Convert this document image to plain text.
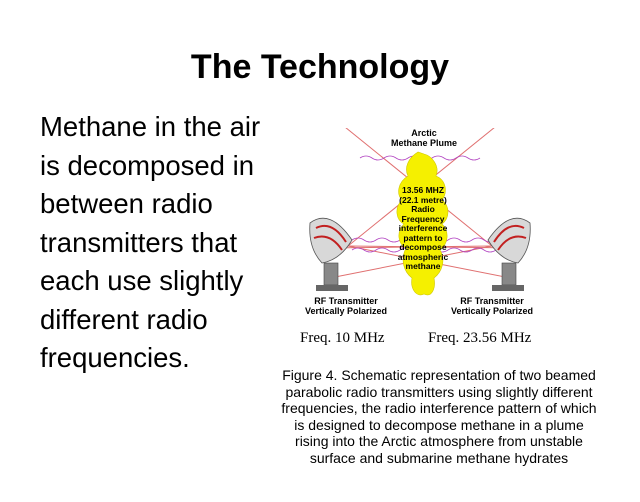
The Technology
Methane in the air
is decomposed in
between radio
transmitters that
each use slightly
different radio
frequencies.
Arctic
Methane Plume
13.56 MHZ
(22.1 metre)
Radio
Frequency
interference
pattern to
decompose
atmospheric
methane
RF Transmitter
Vertically Polarized
RF Transmitter
Vertically Polarized
Freq. 10 MHz	Freq. 23.56 MHz
Figure 4. Schematic representation of two beamed
parabolic radio transmitters using slightly different
frequencies, the radio interference pattern of which
is designed to decompose methane in a plume
rising into the Arctic atmosphere from unstable
surface and submarine methane hydrates
